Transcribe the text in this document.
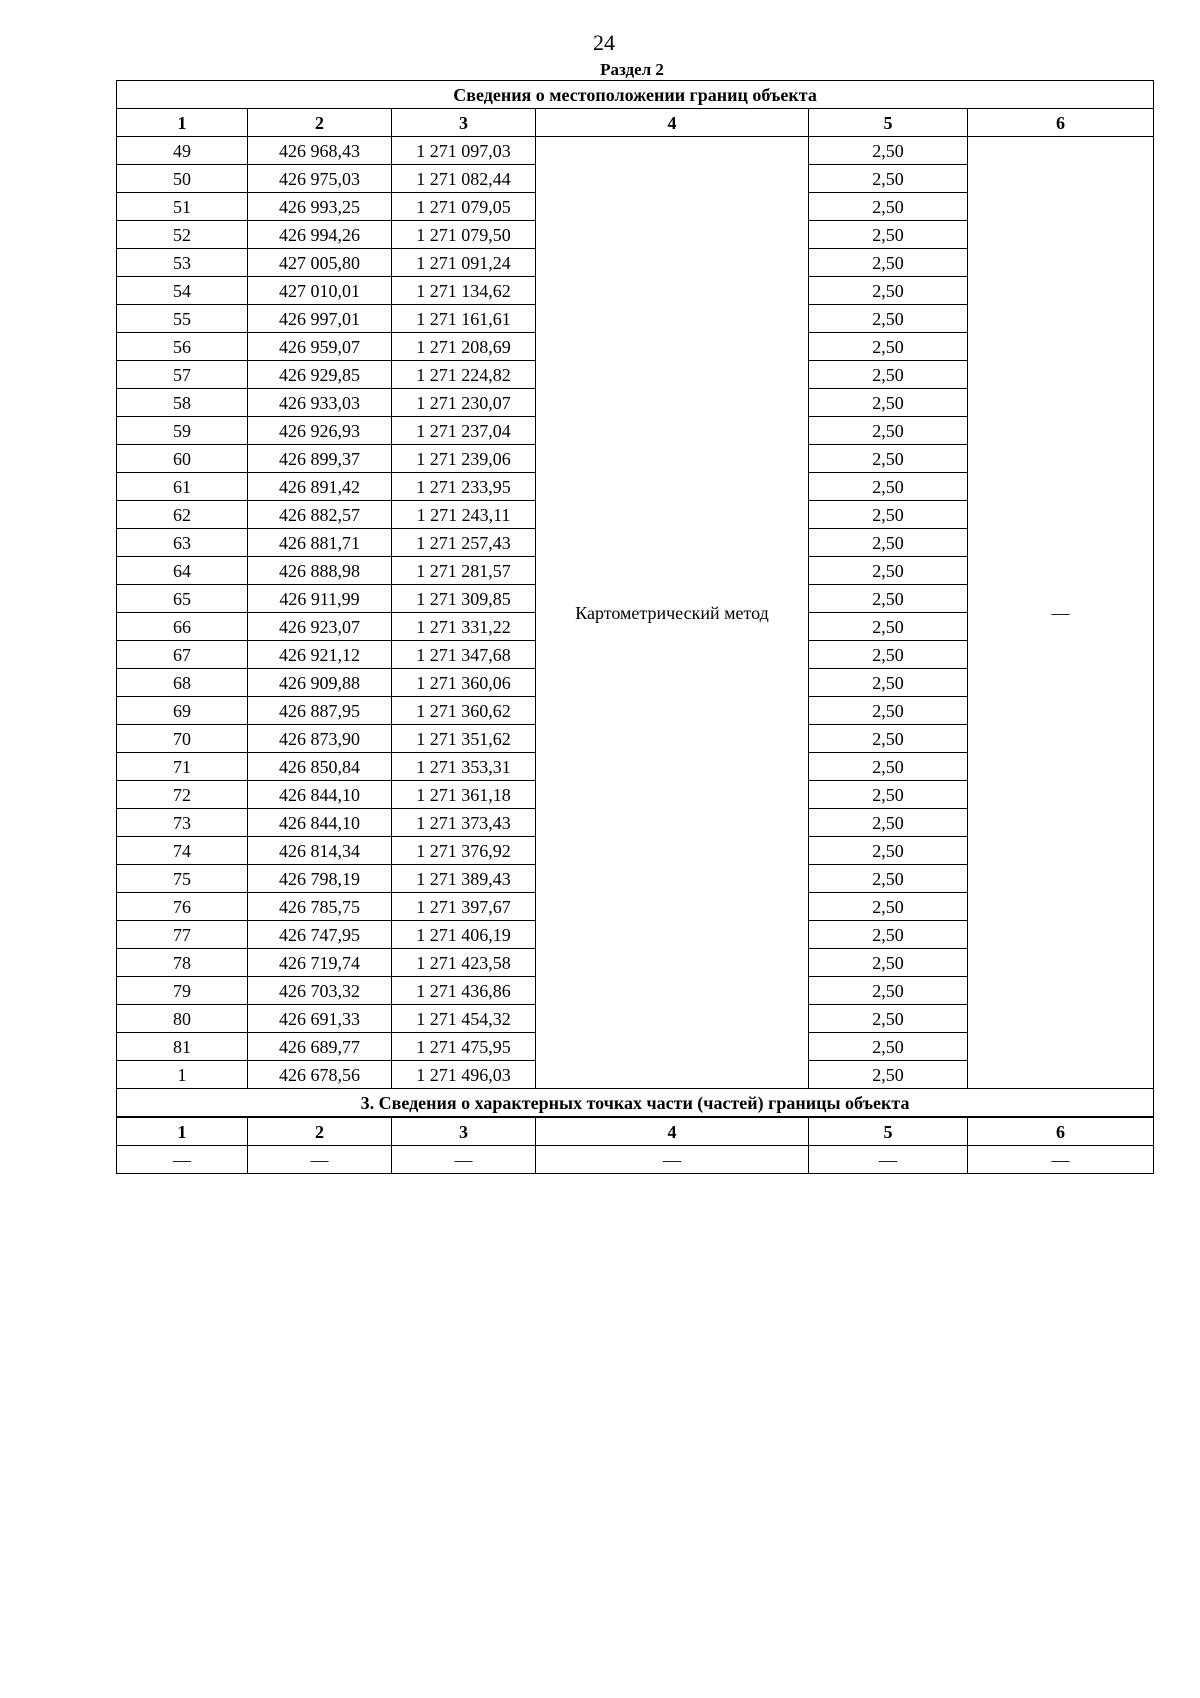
24
Раздел 2
Сведения о местоположении границ объекта					
1	2	3	4	5	6
49	426 968,43	1 271 097,03	Картометрический метод	2,50	—
50	426 975,03	1 271 082,44		2,50	
51	426 993,25	1 271 079,05		2,50	
52	426 994,26	1 271 079,50		2,50	
53	427 005,80	1 271 091,24		2,50	
54	427 010,01	1 271 134,62		2,50	
55	426 997,01	1 271 161,61		2,50	
56	426 959,07	1 271 208,69		2,50	
57	426 929,85	1 271 224,82		2,50	
58	426 933,03	1 271 230,07		2,50	
59	426 926,93	1 271 237,04		2,50	
60	426 899,37	1 271 239,06		2,50	
61	426 891,42	1 271 233,95		2,50	
62	426 882,57	1 271 243,11		2,50	
63	426 881,71	1 271 257,43		2,50	
64	426 888,98	1 271 281,57		2,50	
65	426 911,99	1 271 309,85		2,50	
66	426 923,07	1 271 331,22		2,50	
67	426 921,12	1 271 347,68		2,50	
68	426 909,88	1 271 360,06		2,50	
69	426 887,95	1 271 360,62		2,50	
70	426 873,90	1 271 351,62		2,50	
71	426 850,84	1 271 353,31		2,50	
72	426 844,10	1 271 361,18		2,50	
73	426 844,10	1 271 373,43		2,50	
74	426 814,34	1 271 376,92		2,50	
75	426 798,19	1 271 389,43		2,50	
76	426 785,75	1 271 397,67		2,50	
77	426 747,95	1 271 406,19		2,50	
78	426 719,74	1 271 423,58		2,50	
79	426 703,32	1 271 436,86		2,50	
80	426 691,33	1 271 454,32		2,50	
81	426 689,77	1 271 475,95		2,50	
1	426 678,56	1 271 496,03		2,50	
3. Сведения о характерных точках части (частей) границы объекта					
1	2	3	4	5	6
—	—	—	—	—	—
